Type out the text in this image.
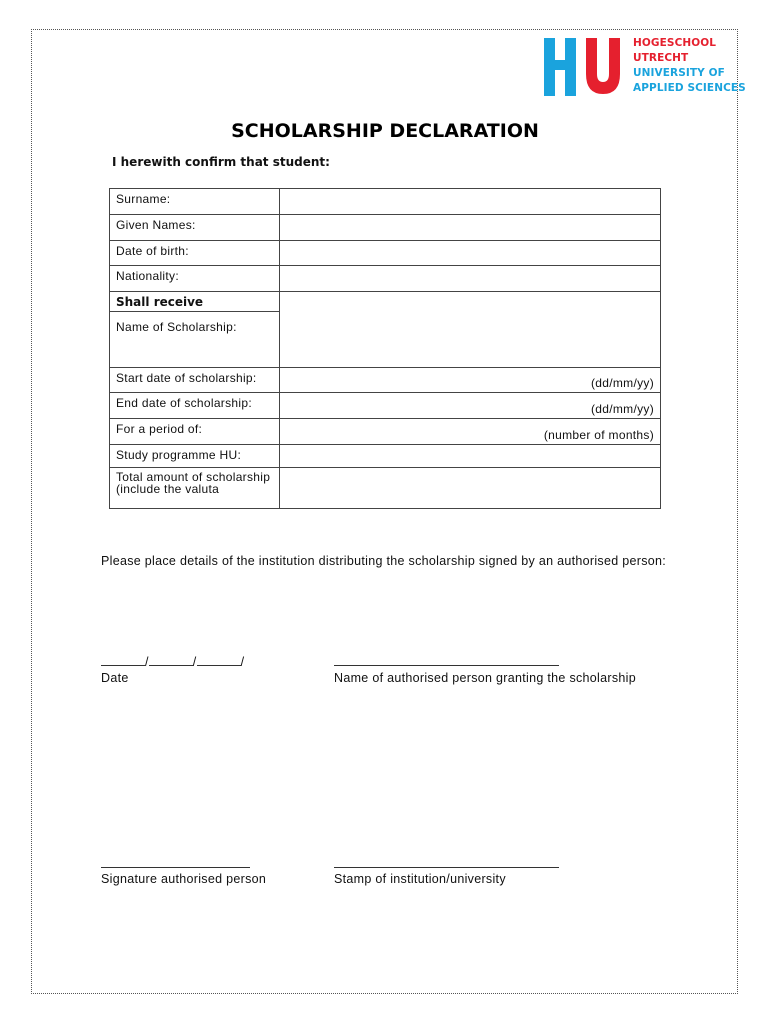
HOGESCHOOL
UTRECHT
UNIVERSITY OF
APPLIED SCIENCES
SCHOLARSHIP DECLARATION
I herewith confirm that student:
Surname:	
Given Names:	
Date of birth:	
Nationality:	
Shall receive	
Name of Scholarship:	
Start date of scholarship:	(dd/mm/yy)
End date of scholarship:	(dd/mm/yy)
For a period of:	(number of months)
Study programme HU:	
Total amount of scholarship (include the valuta	
Please place details of the institution distributing the scholarship signed by an authorised person:
/	/	/
Date	Name of authorised person granting the scholarship
Signature authorised person	Stamp of institution/university
